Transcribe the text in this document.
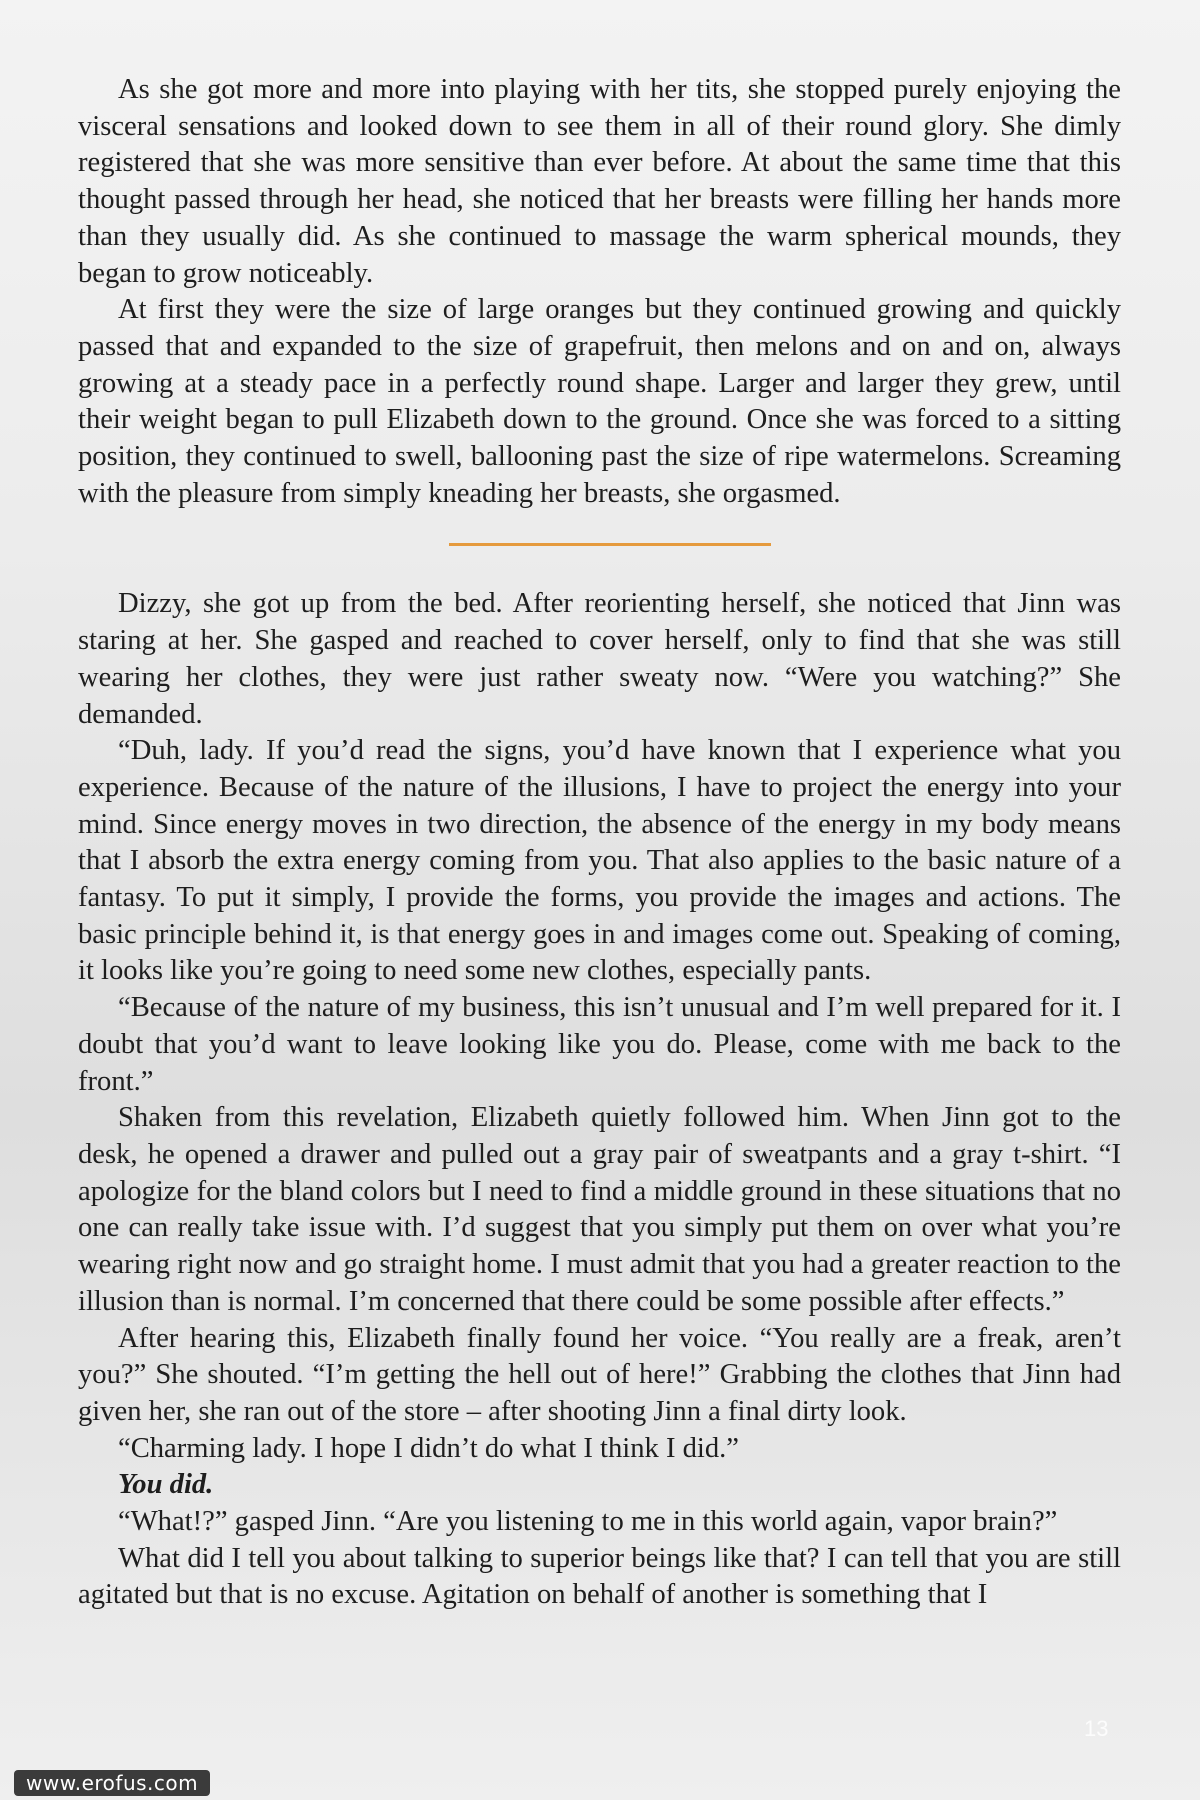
As she got more and more into playing with her tits, she stopped purely enjoying the visceral sensations and looked down to see them in all of their round glory. She dimly registered that she was more sensitive than ever before. At about the same time that this thought passed through her head, she noticed that her breasts were filling her hands more than they usually did. As she continued to massage the warm spherical mounds, they began to grow noticeably.

At first they were the size of large oranges but they continued growing and quickly passed that and expanded to the size of grapefruit, then melons and on and on, always growing at a steady pace in a perfectly round shape. Larger and larger they grew, until their weight began to pull Elizabeth down to the ground. Once she was forced to a sitting position, they continued to swell, ballooning past the size of ripe watermelons. Screaming with the pleasure from simply kneading her breasts, she orgasmed.

Dizzy, she got up from the bed. After reorienting herself, she noticed that Jinn was staring at her. She gasped and reached to cover herself, only to find that she was still wearing her clothes, they were just rather sweaty now. “Were you watching?” She demanded.

“Duh, lady. If you’d read the signs, you’d have known that I experience what you experience. Because of the nature of the illusions, I have to project the energy into your mind. Since energy moves in two direction, the absence of the energy in my body means that I absorb the extra energy coming from you. That also applies to the basic nature of a fantasy. To put it simply, I provide the forms, you provide the images and actions. The basic principle behind it, is that energy goes in and images come out. Speaking of coming, it looks like you’re going to need some new clothes, especially pants.

“Because of the nature of my business, this isn’t unusual and I’m well prepared for it. I doubt that you’d want to leave looking like you do. Please, come with me back to the front.”

Shaken from this revelation, Elizabeth quietly followed him. When Jinn got to the desk, he opened a drawer and pulled out a gray pair of sweatpants and a gray t-shirt. “I apologize for the bland colors but I need to find a middle ground in these situations that no one can really take issue with. I’d suggest that you simply put them on over what you’re wearing right now and go straight home. I must admit that you had a greater reaction to the illusion than is normal. I’m concerned that there could be some possible after effects.”

After hearing this, Elizabeth finally found her voice. “You really are a freak, aren’t you?” She shouted. “I’m getting the hell out of here!” Grabbing the clothes that Jinn had given her, she ran out of the store – after shooting Jinn a final dirty look.

“Charming lady. I hope I didn’t do what I think I did.”

You did.

“What!?” gasped Jinn. “Are you listening to me in this world again, vapor brain?”

What did I tell you about talking to superior beings like that? I can tell that you are still agitated but that is no excuse. Agitation on behalf of another is something that I

13
www.erofus.com
